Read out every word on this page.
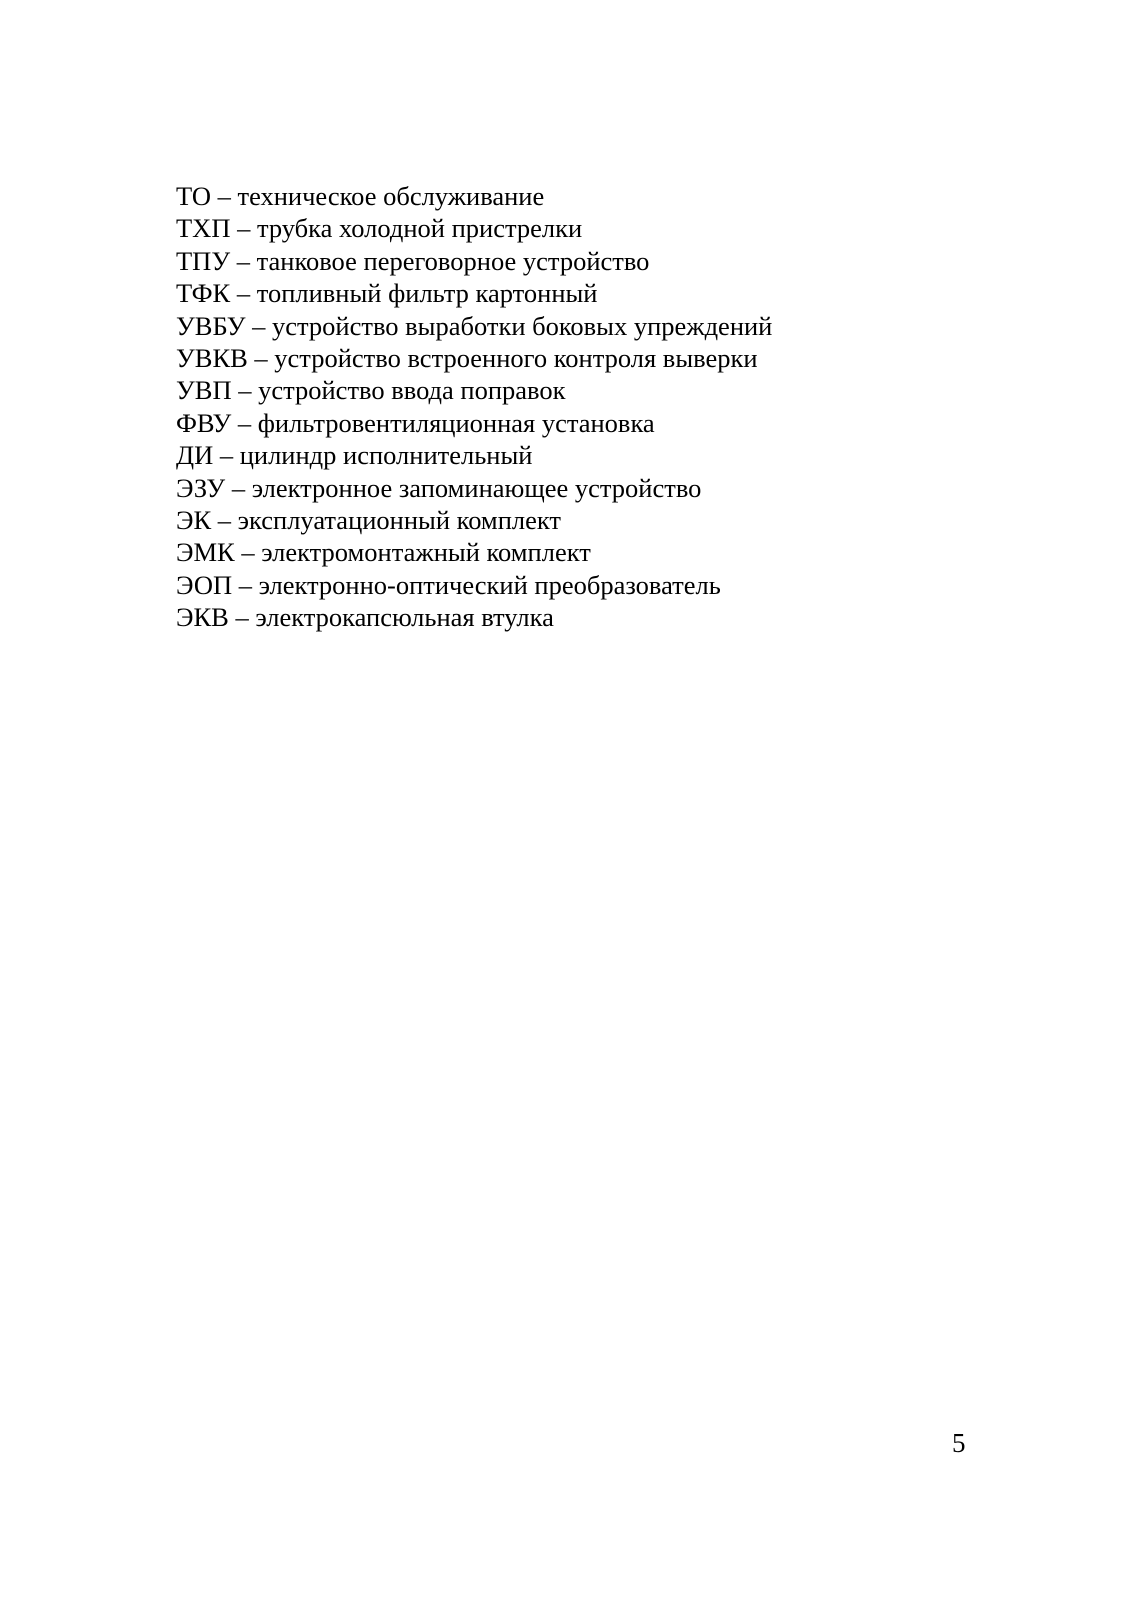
ТО – техническое обслуживание
ТХП – трубка холодной пристрелки
ТПУ – танковое переговорное устройство
ТФК – топливный фильтр картонный
УВБУ – устройство выработки боковых упреждений
УВКВ – устройство встроенного контроля выверки
УВП – устройство ввода поправок
ФВУ – фильтровентиляционная установка
ДИ – цилиндр исполнительный
ЭЗУ – электронное запоминающее устройство
ЭК – эксплуатационный комплект
ЭМК – электромонтажный комплект
ЭОП – электронно-оптический преобразователь
ЭКВ – электрокапсюльная втулка
5
